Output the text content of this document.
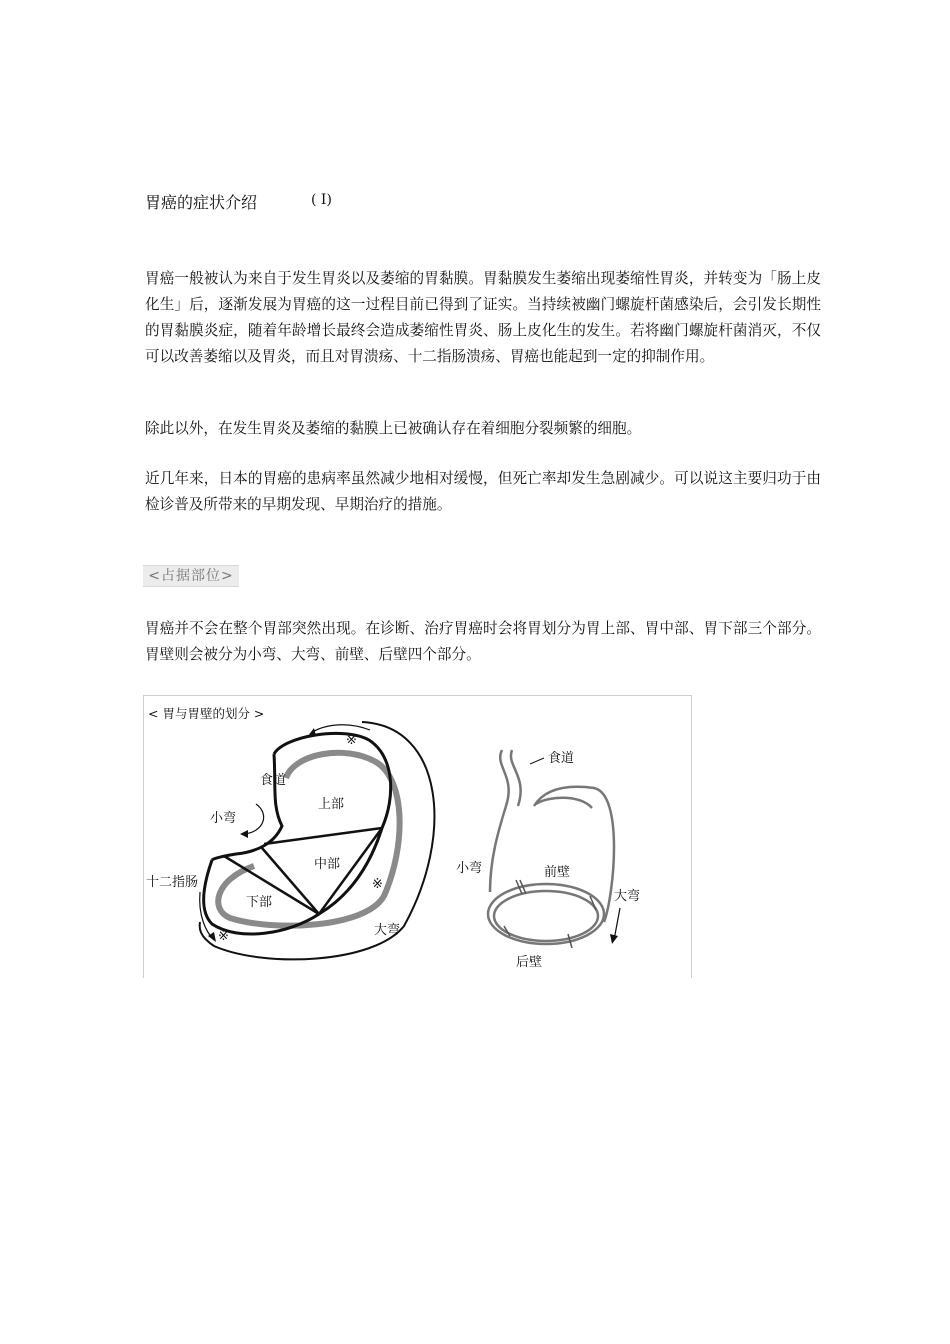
胃癌的症状介绍	( I)

胃癌一般被认为来自于发生胃炎以及萎缩的胃黏膜。胃黏膜发生萎缩出现萎缩性胃炎，并转变为「肠上皮化生」后，逐渐发展为胃癌的这一过程目前已得到了证实。当持续被幽门螺旋杆菌感染后，会引发长期性的胃黏膜炎症，随着年龄增长最终会造成萎缩性胃炎、肠上皮化生的发生。若将幽门螺旋杆菌消灭，不仅可以改善萎缩以及胃炎，而且对胃溃疡、十二指肠溃疡、胃癌也能起到一定的抑制作用。

除此以外，在发生胃炎及萎缩的黏膜上已被确认存在着细胞分裂频繁的细胞。

近几年来，日本的胃癌的患病率虽然减少地相对缓慢，但死亡率却发生急剧减少。可以说这主要归功于由检诊普及所带来的早期发现、早期治疗的措施。

<占据部位>

胃癌并不会在整个胃部突然出现。在诊断、治疗胃癌时会将胃划分为胃上部、胃中部、胃下部三个部分。胃壁则会被分为小弯、大弯、前壁、后壁四个部分。

< 胃与胃壁的划分 >
※
※
※
食道
小弯
上部
中部
下部
十二指肠
大弯
食道
小弯	前壁
大弯
后壁
